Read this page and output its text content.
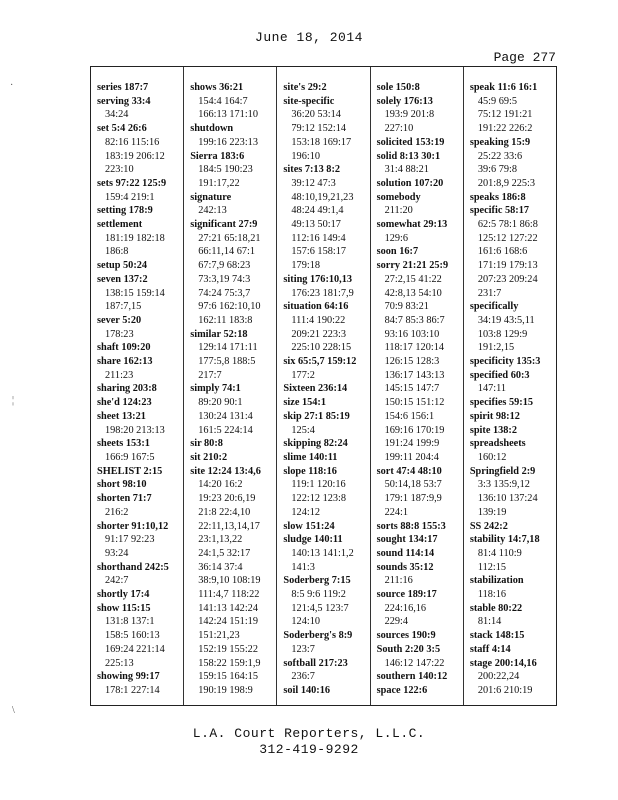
June 18, 2014
Page 277
series 187:7
serving 33:4
34:24
set 5:4 26:6
82:16 115:16
183:19 206:12
223:10
sets 97:22 125:9
159:4 219:1
setting 178:9
settlement
181:19 182:18
186:8
setup 50:24
seven 137:2
138:15 159:14
187:7,15
sever 5:20
178:23
shaft 109:20
share 162:13
211:23
sharing 203:8
she'd 124:23
sheet 13:21
198:20 213:13
sheets 153:1
166:9 167:5
SHELIST 2:15
short 98:10
shorten 71:7
216:2
shorter 91:10,12
91:17 92:23
93:24
shorthand 242:5
242:7
shortly 17:4
show 115:15
131:8 137:1
158:5 160:13
169:24 221:14
225:13
showing 99:17
178:1 227:14
shows 36:21
154:4 164:7
166:13 171:10
shutdown
199:16 223:13
Sierra 183:6
184:5 190:23
191:17,22
signature
242:13
significant 27:9
27:21 65:18,21
66:11,14 67:1
67:7,9 68:23
73:3,19 74:3
74:24 75:3,7
97:6 162:10,10
162:11 183:8
similar 52:18
129:14 171:11
177:5,8 188:5
217:7
simply 74:1
89:20 90:1
130:24 131:4
161:5 224:14
sir 80:8
sit 210:2
site 12:24 13:4,6
14:20 16:2
19:23 20:6,19
21:8 22:4,10
22:11,13,14,17
23:1,13,22
24:1,5 32:17
36:14 37:4
38:9,10 108:19
111:4,7 118:22
141:13 142:24
142:24 151:19
151:21,23
152:19 155:22
158:22 159:1,9
159:15 164:15
190:19 198:9
site's 29:2
site-specific
36:20 53:14
79:12 152:14
153:18 169:17
196:10
sites 7:13 8:2
39:12 47:3
48:10,19,21,23
48:24 49:1,4
49:13 50:17
112:16 149:4
157:6 158:17
179:18
siting 176:10,13
176:23 181:7,9
situation 64:16
111:4 190:22
209:21 223:3
225:10 228:15
six 65:5,7 159:12
177:2
Sixteen 236:14
size 154:1
skip 27:1 85:19
125:4
skipping 82:24
slime 140:11
slope 118:16
119:1 120:16
122:12 123:8
124:12
slow 151:24
sludge 140:11
140:13 141:1,2
141:3
Soderberg 7:15
8:5 9:6 119:2
121:4,5 123:7
124:10
Soderberg's 8:9
123:7
softball 217:23
236:7
soil 140:16
sole 150:8
solely 176:13
193:9 201:8
227:10
solicited 153:19
solid 8:13 30:1
31:4 88:21
solution 107:20
somebody
211:20
somewhat 29:13
129:6
soon 16:7
sorry 21:21 25:9
27:2,15 41:22
42:8,13 54:10
70:9 83:21
84:7 85:3 86:7
93:16 103:10
118:17 120:14
126:15 128:3
136:17 143:13
145:15 147:7
150:15 151:12
154:6 156:1
169:16 170:19
191:24 199:9
199:11 204:4
sort 47:4 48:10
50:14,18 53:7
179:1 187:9,9
224:1
sorts 88:8 155:3
sought 134:17
sound 114:14
sounds 35:12
211:16
source 189:17
224:16,16
229:4
sources 190:9
South 2:20 3:5
146:12 147:22
southern 140:12
space 122:6
speak 11:6 16:1
45:9 69:5
75:12 191:21
191:22 226:2
speaking 15:9
25:22 33:6
39:6 79:8
201:8,9 225:3
speaks 186:8
specific 58:17
62:5 78:1 86:8
125:12 127:22
161:6 168:6
171:19 179:13
207:23 209:24
231:7
specifically
34:19 43:5,11
103:8 129:9
191:2,15
specificity 135:3
specified 60:3
147:11
specifies 59:15
spirit 98:12
spite 138:2
spreadsheets
160:12
Springfield 2:9
3:3 135:9,12
136:10 137:24
139:19
SS 242:2
stability 14:7,18
81:4 110:9
112:15
stabilization
118:16
stable 80:22
81:14
stack 148:15
staff 4:14
stage 200:14,16
200:22,24
201:6 210:19
L.A. Court Reporters, L.L.C.
312-419-9292
·
¦
\
